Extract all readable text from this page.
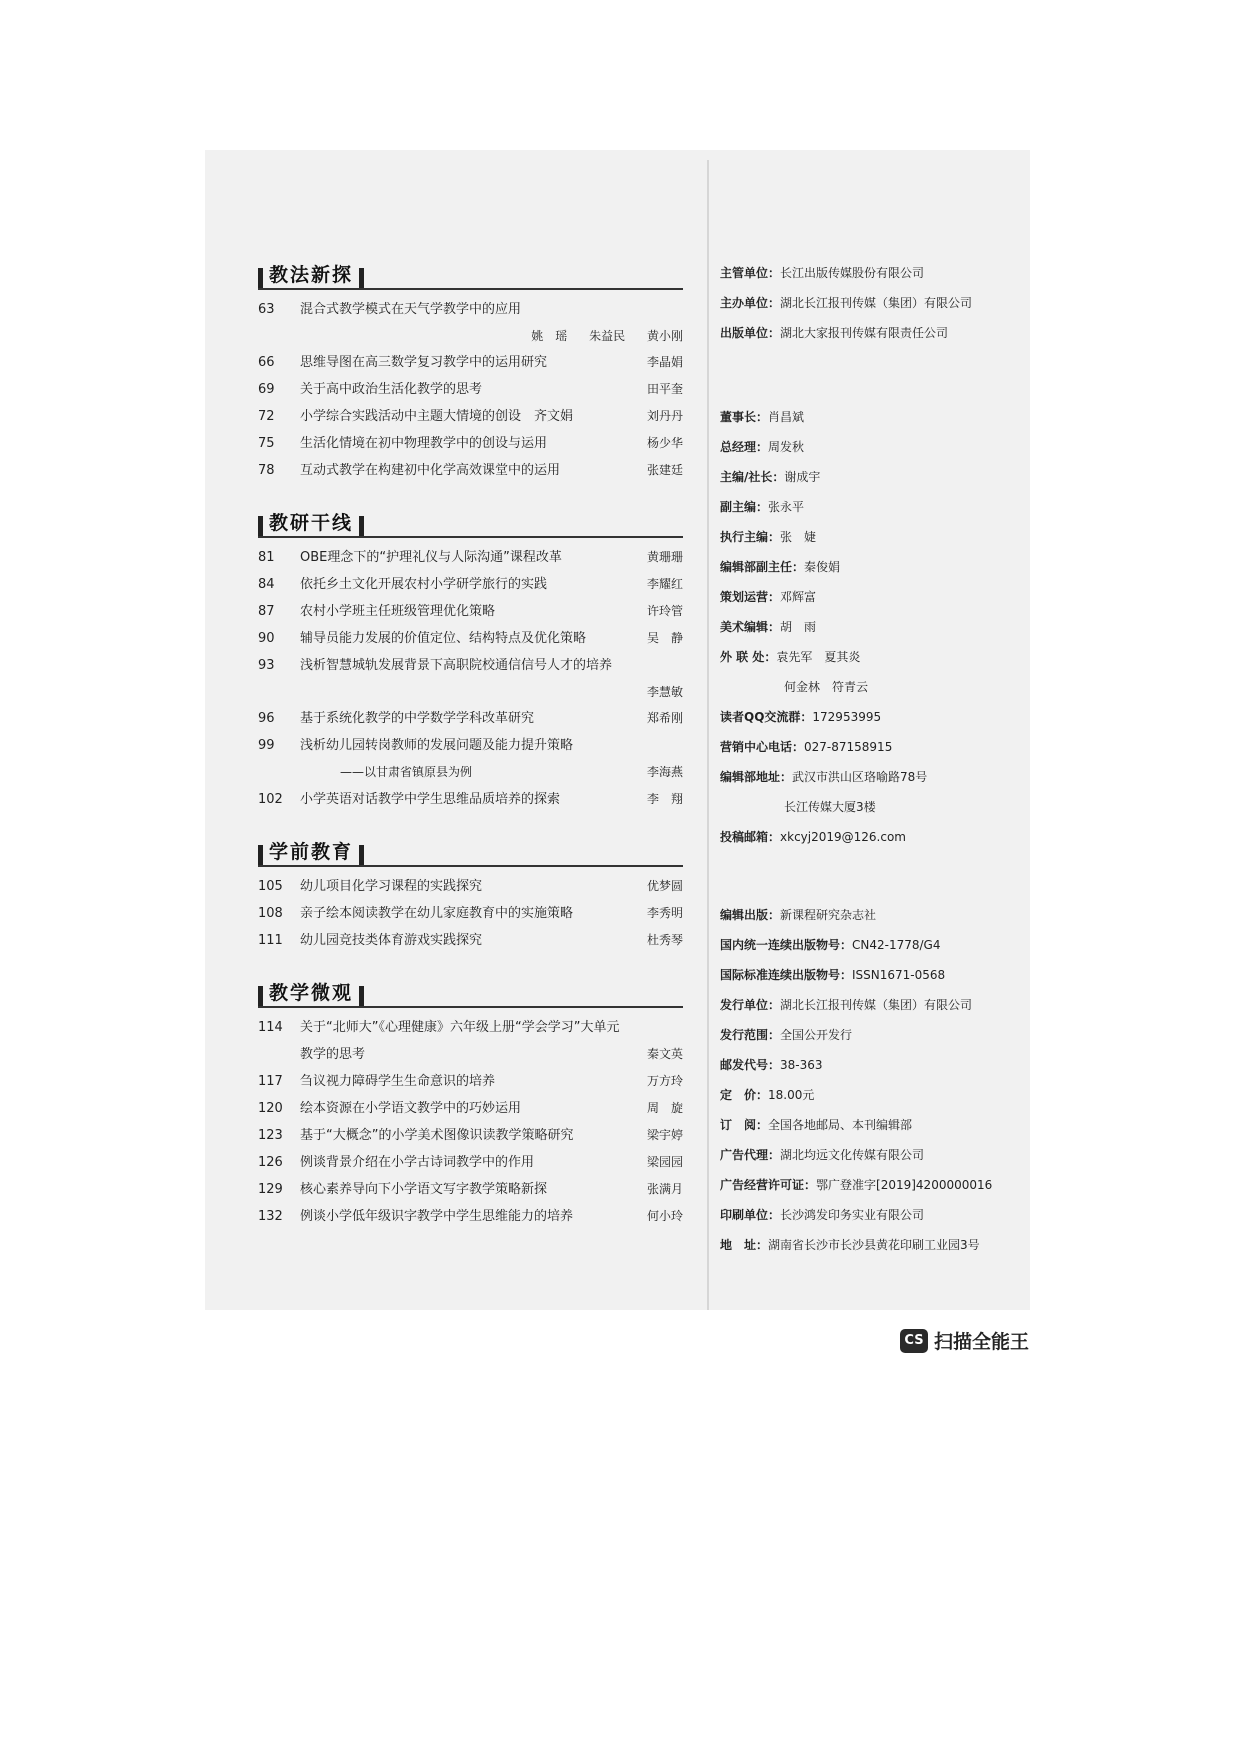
教法新探
63	混合式教学模式在天气学教学中的应用
姚　瑶 朱益民 黄小刚
66	思维导图在高三数学复习教学中的运用研究	李晶娟
69	关于高中政治生活化教学的思考	田平奎
72	小学综合实践活动中主题大情境的创设　齐文娟	刘丹丹
75	生活化情境在初中物理教学中的创设与运用	杨少华
78	互动式教学在构建初中化学高效课堂中的运用	张建廷
教研干线
81	OBE理念下的“护理礼仪与人际沟通”课程改革	黄珊珊
84	依托乡土文化开展农村小学研学旅行的实践	李耀红
87	农村小学班主任班级管理优化策略	许玲管
90	辅导员能力发展的价值定位、结构特点及优化策略	吴　静
93	浅析智慧城轨发展背景下高职院校通信信号人才的培养
李慧敏
96	基于系统化教学的中学数学学科改革研究	郑希刚
99	浅析幼儿园转岗教师的发展问题及能力提升策略
——以甘肃省镇原县为例	李海燕
102	小学英语对话教学中学生思维品质培养的探索	李　翔
学前教育
105	幼儿项目化学习课程的实践探究	优梦圆
108	亲子绘本阅读教学在幼儿家庭教育中的实施策略	李秀明
111	幼儿园竞技类体育游戏实践探究	杜秀琴
教学微观
114	关于“北师大”《心理健康》六年级上册“学会学习”大单元教学的思考	秦文英
117	刍议视力障碍学生生命意识的培养	万方玲
120	绘本资源在小学语文教学中的巧妙运用	周　旋
123	基于“大概念”的小学美术图像识读教学策略研究	梁宇婷
126	例谈背景介绍在小学古诗词教学中的作用	梁园园
129	核心素养导向下小学语文写字教学策略新探	张满月
132	例谈小学低年级识字教学中学生思维能力的培养	何小玲
主管单位：长江出版传媒股份有限公司
主办单位：湖北长江报刊传媒（集团）有限公司
出版单位：湖北大家报刊传媒有限责任公司
董事长：肖昌斌
总经理：周发秋
主编/社长：谢成宇
副主编：张永平
执行主编：张　婕
编辑部副主任：秦俊娟
策划运营：邓辉富
美术编辑：胡　雨
外 联 处：袁先军　夏其炎
何金林　符青云
读者QQ交流群：172953995
营销中心电话：027-87158915
编辑部地址：武汉市洪山区珞喻路78号
长江传媒大厦3楼
投稿邮箱：xkcyj2019@126.com
编辑出版：新课程研究杂志社
国内统一连续出版物号：CN42-1778/G4
国际标准连续出版物号：ISSN1671-0568
发行单位：湖北长江报刊传媒（集团）有限公司
发行范围：全国公开发行
邮发代号：38-363
定　价：18.00元
订　阅：全国各地邮局、本刊编辑部
广告代理：湖北均远文化传媒有限公司
广告经营许可证：鄂广登准字[2019]4200000016
印刷单位：长沙鸿发印务实业有限公司
地　址：湖南省长沙市长沙县黄花印刷工业园3号
CS 扫描全能王
